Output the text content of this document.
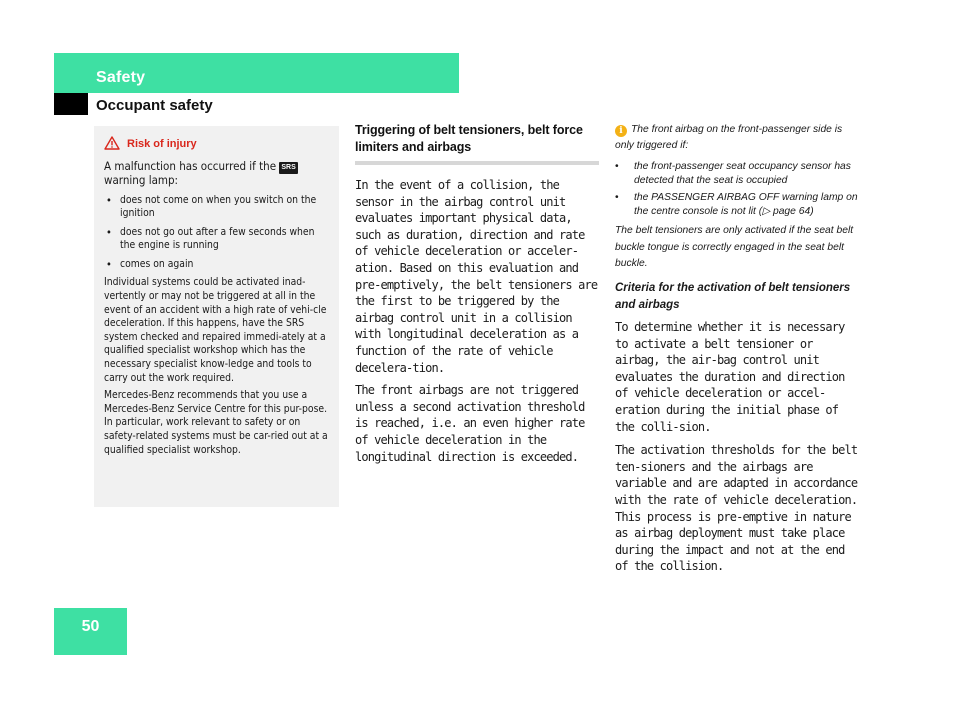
Safety
Occupant safety
Risk of injury
A malfunction has occurred if the SRS
warning lamp:
• does not come on when you switch on the ignition
• does not go out after a few seconds when the engine is running
• comes on again

Individual systems could be activated inad-vertently or may not be triggered at all in the event of an accident with a high rate of vehi-cle deceleration. If this happens, have the SRS system checked and repaired immedi-ately at a qualified specialist workshop which has the necessary specialist know-ledge and tools to carry out the work required.

Mercedes-Benz recommends that you use a Mercedes-Benz Service Centre for this pur-pose. In particular, work relevant to safety or on safety-related systems must be car-ried out at a qualified specialist workshop.

Triggering of belt tensioners, belt force limiters and airbags

In the event of a collision, the sensor in the airbag control unit evaluates important physical data, such as duration, direction and rate of vehicle deceleration or acceler-ation. Based on this evaluation and pre-emptively, the belt tensioners are the first to be triggered by the airbag control unit in a collision with longitudinal deceleration as a function of the rate of vehicle decelera-tion.

The front airbags are not triggered unless a second activation threshold is reached, i.e. an even higher rate of vehicle deceleration in the longitudinal direction is exceeded.

i The front airbag on the front-passenger side is only triggered if:

• the front-passenger seat occupancy sensor has detected that the seat is occupied
• the PASSENGER AIRBAG OFF warning lamp on the centre console is not lit (▷ page 64)

The belt tensioners are only activated if the seat belt buckle tongue is correctly engaged in the seat belt buckle.

Criteria for the activation of belt tensioners and airbags

To determine whether it is necessary to activate a belt tensioner or airbag, the air-bag control unit evaluates the duration and direction of vehicle deceleration or accel-eration during the initial phase of the colli-sion.

The activation thresholds for the belt ten-sioners and the airbags are variable and are adapted in accordance with the rate of vehicle deceleration. This process is pre-emptive in nature as airbag deployment must take place during the impact and not at the end of the collision.

50
